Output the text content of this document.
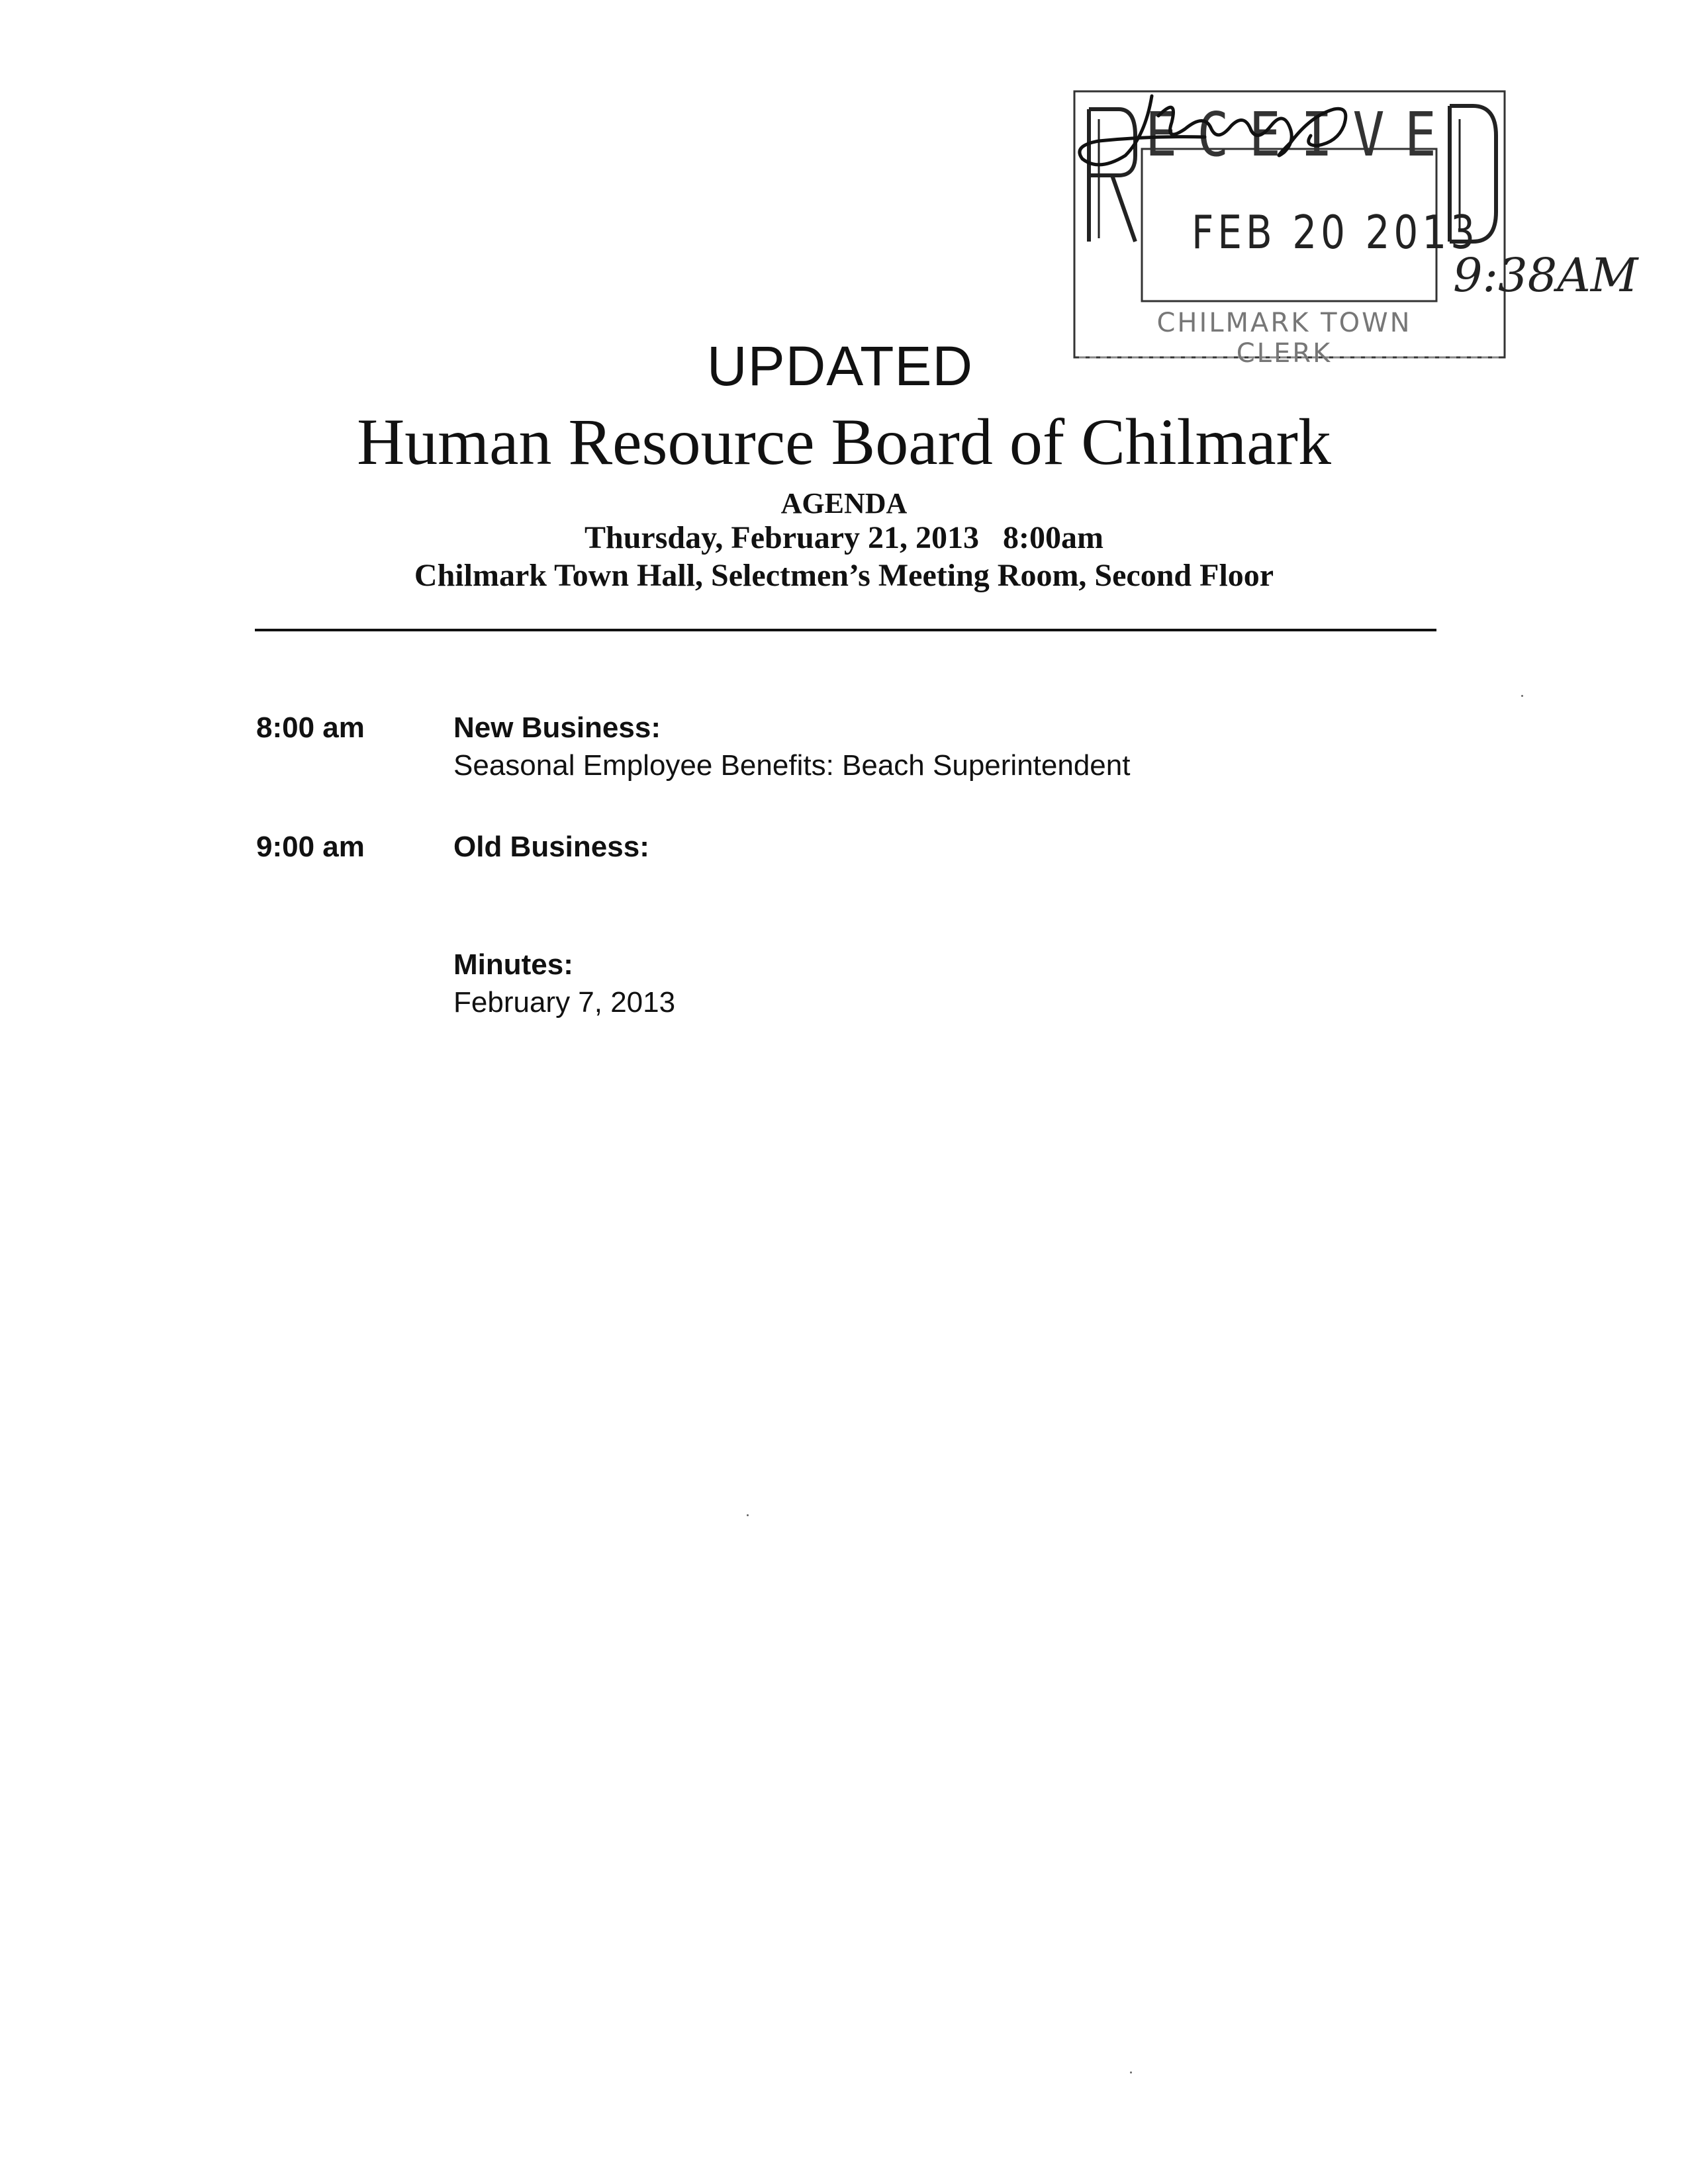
E C E I V E
FEB 20 2013
CHILMARK TOWN CLERK
9:38AM
UPDATED
Human Resource Board of Chilmark
AGENDA
Thursday, February 21, 2013   8:00am
Chilmark Town Hall, Selectmen’s Meeting Room, Second Floor
8:00 am	New Business:
Seasonal Employee Benefits: Beach Superintendent
9:00 am	Old Business:
Minutes:
February 7, 2013
